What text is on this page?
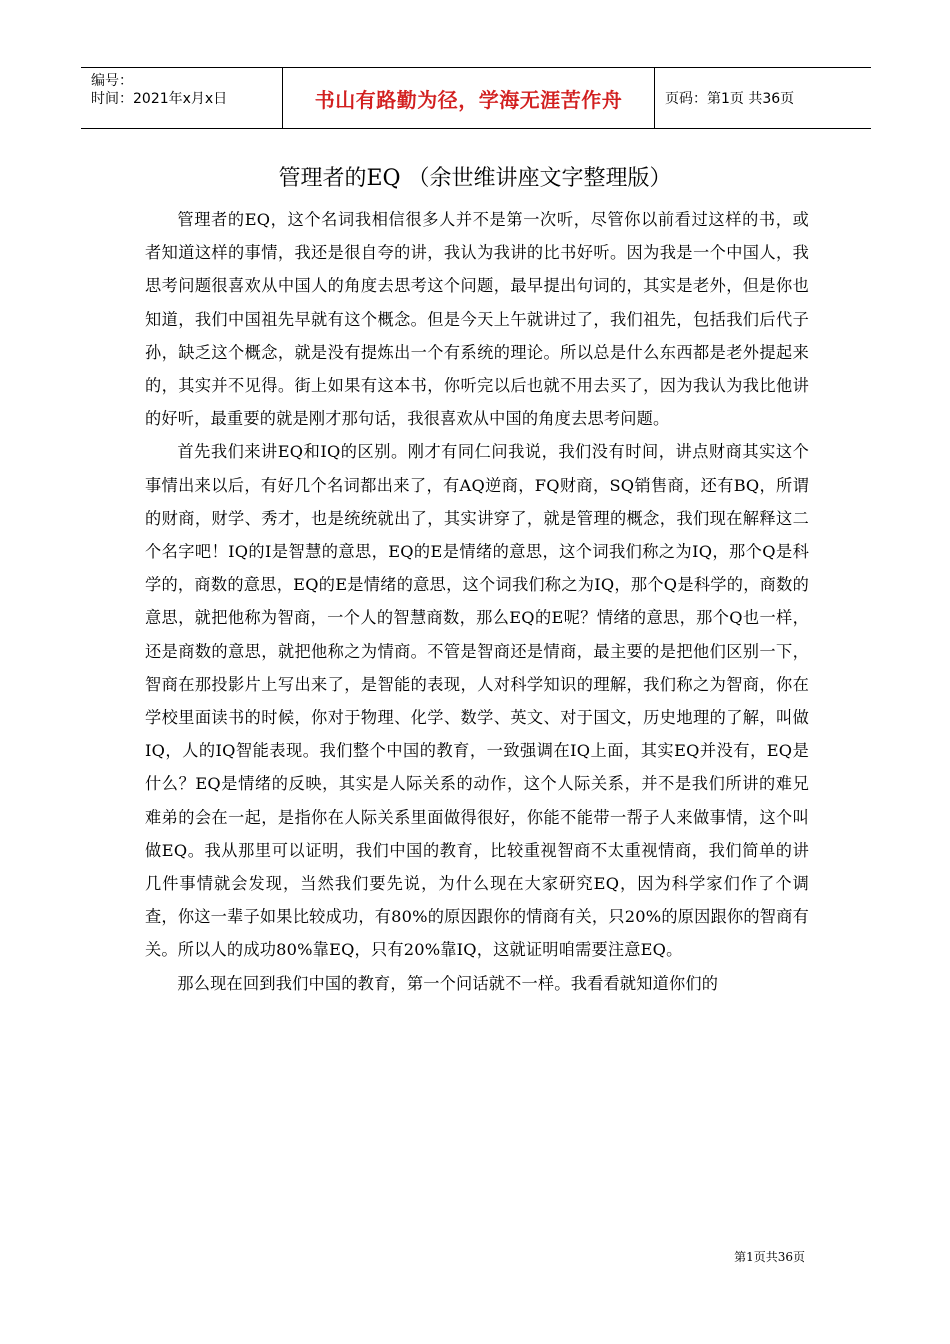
编号：
时间：2021年x月x日	书山有路勤为径，学海无涯苦作舟	页码：第1页 共36页
管理者的EQ （余世维讲座文字整理版）

管理者的EQ，这个名词我相信很多人并不是第一次听，尽管你以前看过这样的书，或者知道这样的事情，我还是很自夸的讲，我认为我讲的比书好听。因为我是一个中国人，我思考问题很喜欢从中国人的角度去思考这个问题，最早提出句词的，其实是老外，但是你也知道，我们中国祖先早就有这个概念。但是今天上午就讲过了，我们祖先，包括我们后代子孙，缺乏这个概念，就是没有提炼出一个有系统的理论。所以总是什么东西都是老外提起来的，其实并不见得。街上如果有这本书，你听完以后也就不用去买了，因为我认为我比他讲的好听，最重要的就是刚才那句话，我很喜欢从中国的角度去思考问题。

首先我们来讲EQ和IQ的区别。刚才有同仁问我说，我们没有时间，讲点财商其实这个事情出来以后，有好几个名词都出来了，有AQ逆商，FQ财商，SQ销售商，还有BQ，所谓的财商，财学、秀才，也是统统就出了，其实讲穿了，就是管理的概念，我们现在解释这二个名字吧！IQ的I是智慧的意思，EQ的E是情绪的意思，这个词我们称之为IQ，那个Q是科学的，商数的意思，EQ的E是情绪的意思，这个词我们称之为IQ，那个Q是科学的，商数的意思，就把他称为智商，一个人的智慧商数，那么EQ的E呢？情绪的意思，那个Q也一样，还是商数的意思，就把他称之为情商。不管是智商还是情商，最主要的是把他们区别一下，智商在那投影片上写出来了，是智能的表现，人对科学知识的理解，我们称之为智商，你在学校里面读书的时候，你对于物理、化学、数学、英文、对于国文，历史地理的了解，叫做IQ，人的IQ智能表现。我们整个中国的教育，一致强调在IQ上面，其实EQ并没有，EQ是什么？EQ是情绪的反映，其实是人际关系的动作，这个人际关系，并不是我们所讲的难兄难弟的会在一起，是指你在人际关系里面做得很好，你能不能带一帮子人来做事情，这个叫做EQ。我从那里可以证明，我们中国的教育，比较重视智商不太重视情商，我们简单的讲几件事情就会发现，当然我们要先说，为什么现在大家研究EQ，因为科学家们作了个调查，你这一辈子如果比较成功，有80%的原因跟你的情商有关，只20%的原因跟你的智商有关。所以人的成功80%靠EQ，只有20%靠IQ，这就证明咱需要注意EQ。

那么现在回到我们中国的教育，第一个问话就不一样。我看看就知道你们的

第1页共36页
